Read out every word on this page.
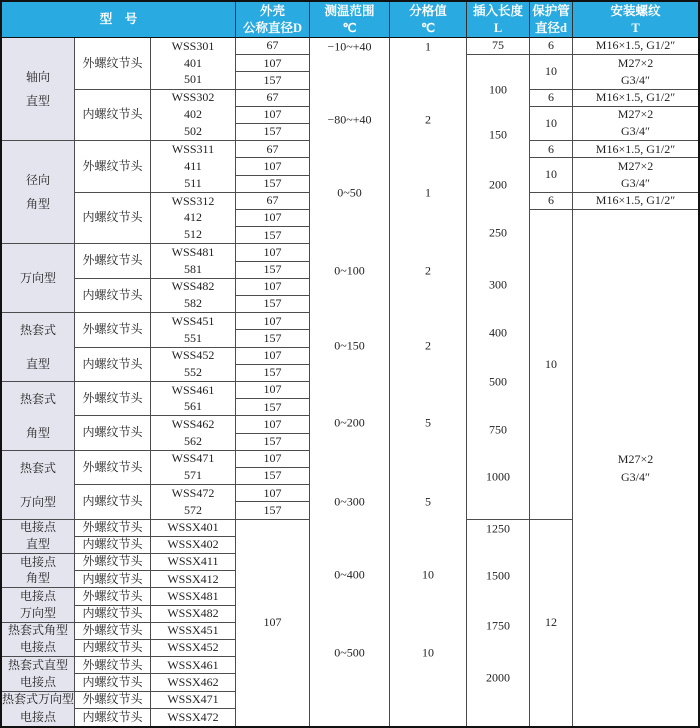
型　号
外壳
公称直径D
测温范围
℃
分格值
℃
插入长度
L
保护管
直径d
安装螺纹
T
轴向
直型
径向
角型
万向型
热套式
直型
热套式
角型
热套式
万向型
电接点
直型
电接点
角型
电接点
万向型
热套式角型
电接点
热套式直型
电接点
热套式万向型
电接点
外螺纹节头
内螺纹节头
外螺纹节头
内螺纹节头
外螺纹节头
内螺纹节头
外螺纹节头
内螺纹节头
外螺纹节头
内螺纹节头
外螺纹节头
内螺纹节头
外螺纹节头
内螺纹节头
外螺纹节头
内螺纹节头
外螺纹节头
内螺纹节头
外螺纹节头
内螺纹节头
外螺纹节头
内螺纹节头
外螺纹节头
内螺纹节头
WSS301
401
501
WSS302
402
502
WSS311
411
511
WSS312
412
512
WSS481
581
WSS482
582
WSS451
551
WSS452
552
WSS461
561
WSS462
562
WSS471
571
WSS472
572
WSSX401
WSSX402
WSSX411
WSSX412
WSSX481
WSSX482
WSSX451
WSSX452
WSSX461
WSSX462
WSSX471
WSSX472
67
107
157
67
107
157
67
107
157
67
107
157
107
157
107
157
107
157
107
157
107
157
107
157
107
157
107
157
107
−10~+40
−80~+40
0~50
0~100
0~150
0~200
0~300
0~400
0~500
1
2
1
2
2
5
5
10
10
75
100
150
200
250
300
400
500
750
1000
1250
1500
1750
2000
6
10
6
10
6
10
6
10
12
M16×1.5, G1/2″
M27×2
G3/4″
M16×1.5, G1/2″
M27×2
G3/4″
M16×1.5, G1/2″
M27×2
G3/4″
M16×1.5, G1/2″
M27×2
G3/4″
